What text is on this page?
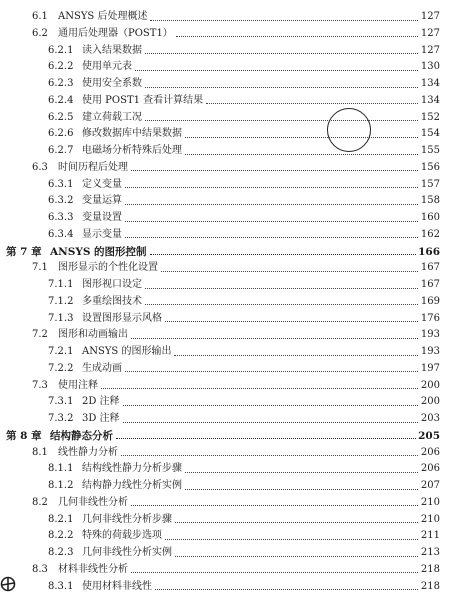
6.1	ANSYS 后处理概述	127
6.2	通用后处理器（POST1）	127
6.2.1 读入结果数据	127
6.2.2 使用单元表	130
6.2.3 使用安全系数	134
6.2.4 使用 POST1 查看计算结果	134
6.2.5 建立荷载工况	152
6.2.6 修改数据库中结果数据	154
6.2.7 电磁场分析特殊后处理	155
6.3	时间历程后处理	156
6.3.1 定义变量	157
6.3.2 变量运算	158
6.3.3 变量设置	160
6.3.4 显示变量	162
第 7 章 ANSYS 的图形控制	166
7.1	图形显示的个性化设置	167
7.1.1 图形视口设定	167
7.1.2 多重绘图技术	169
7.1.3 设置图形显示风格	176
7.2	图形和动画输出	193
7.2.1 ANSYS 的图形输出	193
7.2.2 生成动画	197
7.3	使用注释	200
7.3.1 2D 注释	200
7.3.2 3D 注释	203
第 8 章 结构静态分析	205
8.1	线性静力分析	206
8.1.1 结构线性静力分析步骤	206
8.1.2 结构静力线性分析实例	207
8.2	几何非线性分析	210
8.2.1 几何非线性分析步骤	210
8.2.2 特殊的荷载步选项	211
8.2.3 几何非线性分析实例	213
8.3	材料非线性分析	218
8.3.1 使用材料非线性	218
